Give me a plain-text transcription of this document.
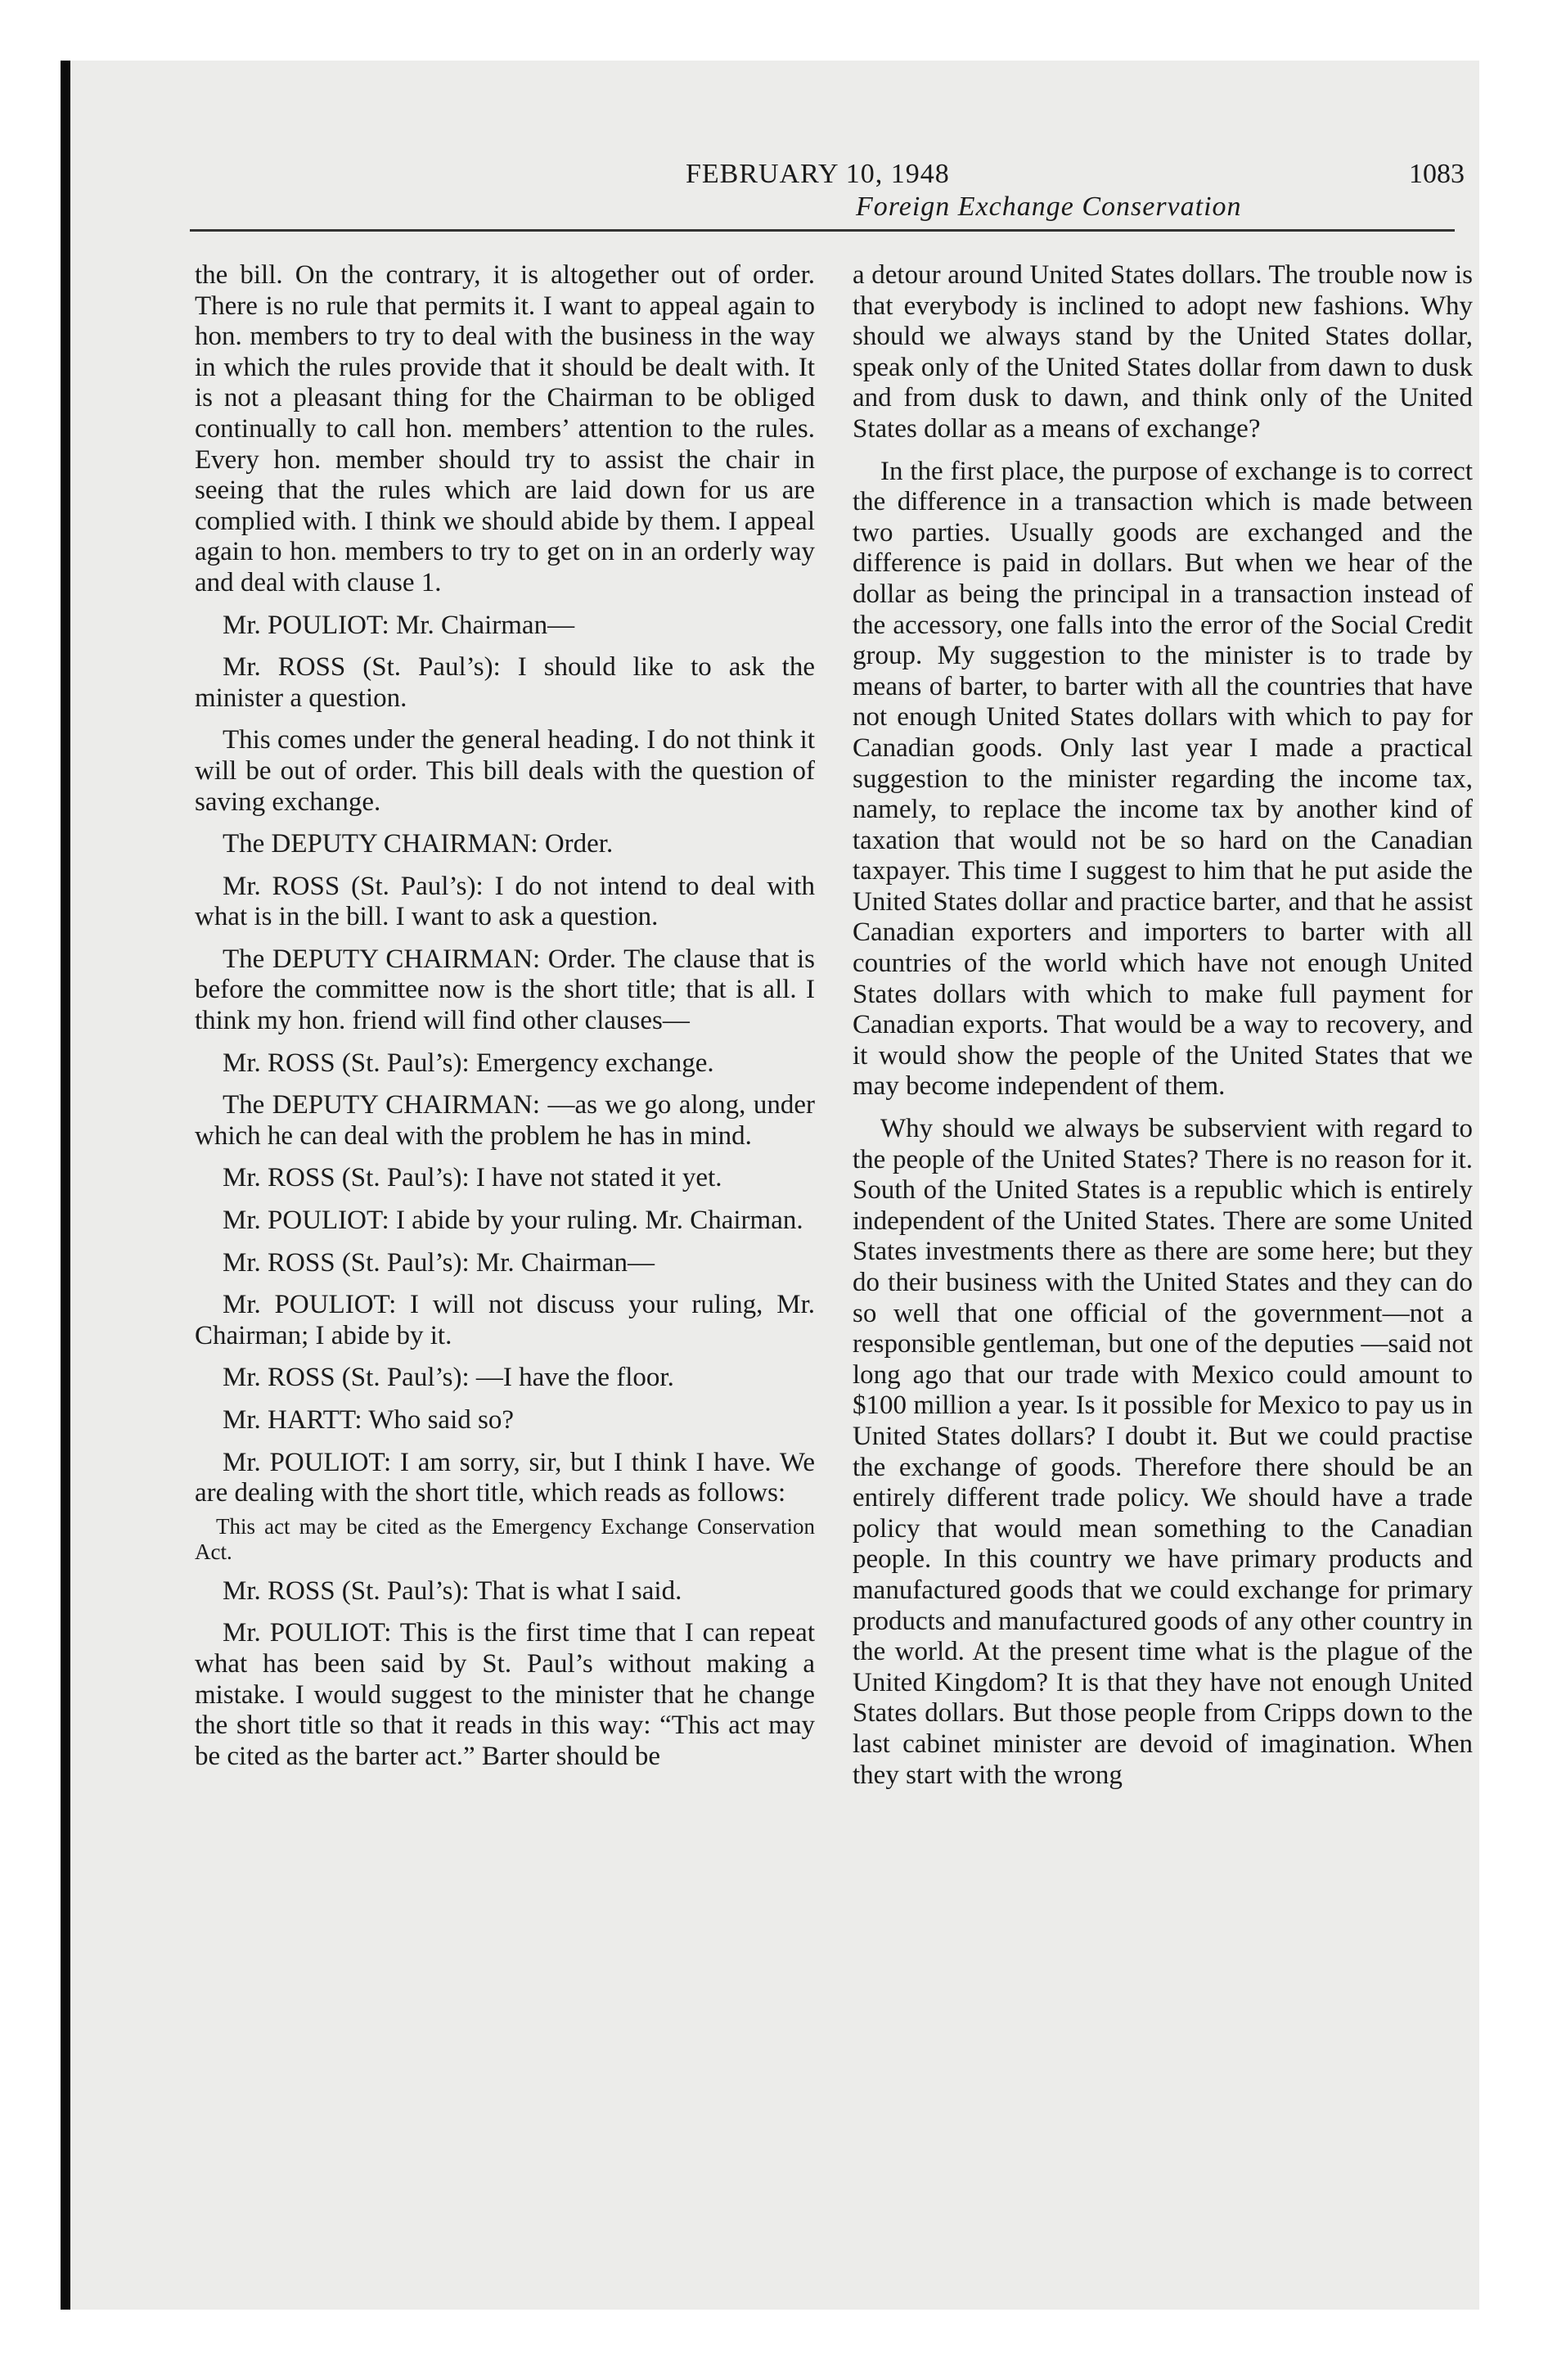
FEBRUARY 10, 1948	1083
Foreign Exchange Conservation

the bill. On the contrary, it is altogether out of order. There is no rule that permits it. I want to appeal again to hon. members to try to deal with the business in the way in which the rules provide that it should be dealt with. It is not a pleasant thing for the Chairman to be obliged continually to call hon. members’ attention to the rules. Every hon. member should try to assist the chair in seeing that the rules which are laid down for us are complied with. I think we should abide by them. I appeal again to hon. members to try to get on in an orderly way and deal with clause 1.

Mr. POULIOT: Mr. Chairman—

Mr. ROSS (St. Paul’s): I should like to ask the minister a question.

This comes under the general heading. I do not think it will be out of order. This bill deals with the question of saving exchange.

The DEPUTY CHAIRMAN: Order.

Mr. ROSS (St. Paul’s): I do not intend to deal with what is in the bill. I want to ask a question.

The DEPUTY CHAIRMAN: Order. The clause that is before the committee now is the short title; that is all. I think my hon. friend will find other clauses—

Mr. ROSS (St. Paul’s): Emergency exchange.

The DEPUTY CHAIRMAN: —as we go along, under which he can deal with the problem he has in mind.

Mr. ROSS (St. Paul’s): I have not stated it yet.

Mr. POULIOT: I abide by your ruling. Mr. Chairman.

Mr. ROSS (St. Paul’s): Mr. Chairman—

Mr. POULIOT: I will not discuss your ruling, Mr. Chairman; I abide by it.

Mr. ROSS (St. Paul’s): —I have the floor.

Mr. HARTT: Who said so?

Mr. POULIOT: I am sorry, sir, but I think I have. We are dealing with the short title, which reads as follows:

This act may be cited as the Emergency Exchange Conservation Act.

Mr. ROSS (St. Paul’s): That is what I said.

Mr. POULIOT: This is the first time that I can repeat what has been said by St. Paul’s without making a mistake. I would suggest to the minister that he change the short title so that it reads in this way: “This act may be cited as the barter act.” Barter should be

a detour around United States dollars. The trouble now is that everybody is inclined to adopt new fashions. Why should we always stand by the United States dollar, speak only of the United States dollar from dawn to dusk and from dusk to dawn, and think only of the United States dollar as a means of exchange?

In the first place, the purpose of exchange is to correct the difference in a transaction which is made between two parties. Usually goods are exchanged and the difference is paid in dollars. But when we hear of the dollar as being the principal in a transaction instead of the accessory, one falls into the error of the Social Credit group. My suggestion to the minister is to trade by means of barter, to barter with all the countries that have not enough United States dollars with which to pay for Canadian goods. Only last year I made a practical suggestion to the minister regarding the income tax, namely, to replace the income tax by another kind of taxation that would not be so hard on the Canadian taxpayer. This time I suggest to him that he put aside the United States dollar and practice barter, and that he assist Canadian exporters and importers to barter with all countries of the world which have not enough United States dollars with which to make full payment for Canadian exports. That would be a way to recovery, and it would show the people of the United States that we may become independent of them.

Why should we always be subservient with regard to the people of the United States? There is no reason for it. South of the United States is a republic which is entirely independent of the United States. There are some United States investments there as there are some here; but they do their business with the United States and they can do so well that one official of the government—not a responsible gentleman, but one of the deputies —said not long ago that our trade with Mexico could amount to $100 million a year. Is it possible for Mexico to pay us in United States dollars? I doubt it. But we could practise the exchange of goods. Therefore there should be an entirely different trade policy. We should have a trade policy that would mean something to the Canadian people. In this country we have primary products and manufactured goods that we could exchange for primary products and manufactured goods of any other country in the world. At the present time what is the plague of the United Kingdom? It is that they have not enough United States dollars. But those people from Cripps down to the last cabinet minister are devoid of imagination. When they start with the wrong
